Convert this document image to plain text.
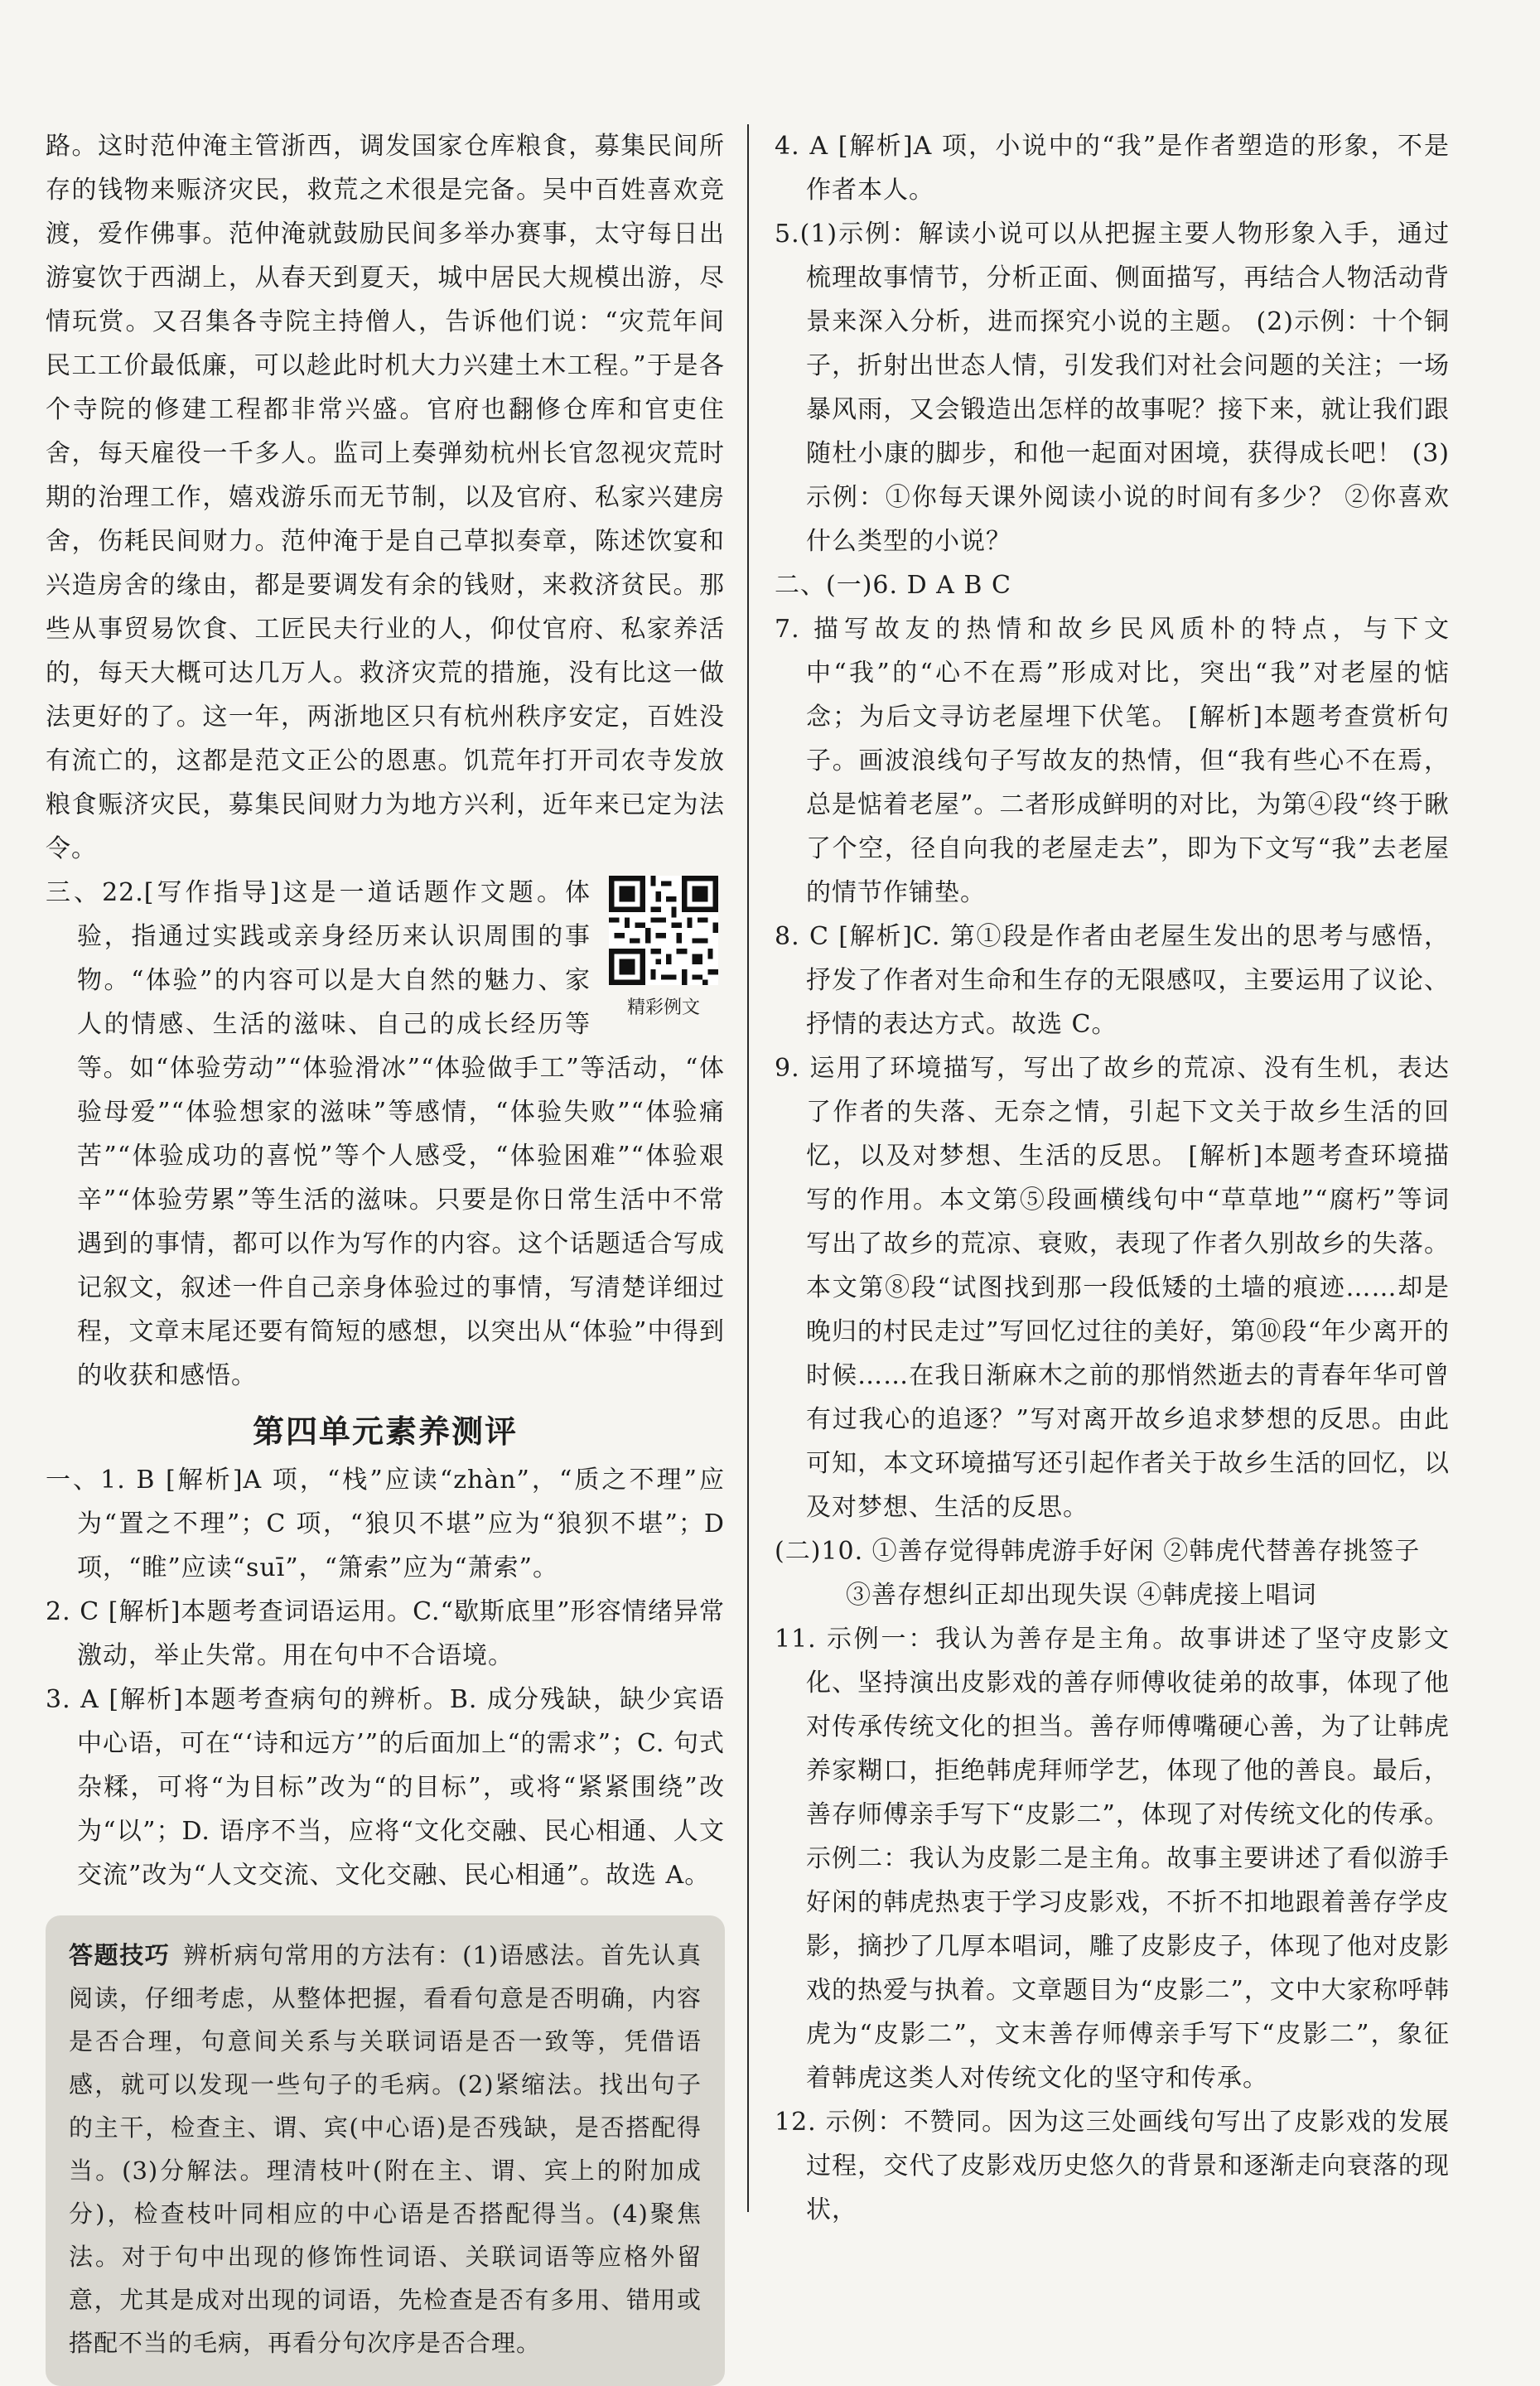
路。这时范仲淹主管浙西，调发国家仓库粮食，募集民间所存的钱物来赈济灾民，救荒之术很是完备。吴中百姓喜欢竞渡，爱作佛事。范仲淹就鼓励民间多举办赛事，太守每日出游宴饮于西湖上，从春天到夏天，城中居民大规模出游，尽情玩赏。又召集各寺院主持僧人，告诉他们说：“灾荒年间民工工价最低廉，可以趁此时机大力兴建土木工程。”于是各个寺院的修建工程都非常兴盛。官府也翻修仓库和官吏住舍，每天雇役一千多人。监司上奏弹劾杭州长官忽视灾荒时期的治理工作，嬉戏游乐而无节制，以及官府、私家兴建房舍，伤耗民间财力。范仲淹于是自己草拟奏章，陈述饮宴和兴造房舍的缘由，都是要调发有余的钱财，来救济贫民。那些从事贸易饮食、工匠民夫行业的人，仰仗官府、私家养活的，每天大概可达几万人。救济灾荒的措施，没有比这一做法更好的了。这一年，两浙地区只有杭州秩序安定，百姓没有流亡的，这都是范文正公的恩惠。饥荒年打开司农寺发放粮食赈济灾民，募集民间财力为地方兴利，近年来已定为法令。

精彩例文

三、22.[写作指导]这是一道话题作文题。体验，指通过实践或亲身经历来认识周围的事物。“体验”的内容可以是大自然的魅力、家人的情感、生活的滋味、自己的成长经历等等。如“体验劳动”“体验滑冰”“体验做手工”等活动，“体验母爱”“体验想家的滋味”等感情，“体验失败”“体验痛苦”“体验成功的喜悦”等个人感受，“体验困难”“体验艰辛”“体验劳累”等生活的滋味。只要是你日常生活中不常遇到的事情，都可以作为写作的内容。这个话题适合写成记叙文，叙述一件自己亲身体验过的事情，写清楚详细过程，文章末尾还要有简短的感想，以突出从“体验”中得到的收获和感悟。

第四单元素养测评

一、1. B [解析]A 项，“栈”应读“zhàn”，“质之不理”应为“置之不理”；C 项，“狼贝不堪”应为“狼狈不堪”；D 项，“睢”应读“suī”，“箫索”应为“萧索”。

2. C [解析]本题考查词语运用。C.“歇斯底里”形容情绪异常激动，举止失常。用在句中不合语境。

3. A [解析]本题考查病句的辨析。B. 成分残缺，缺少宾语中心语，可在“‘诗和远方’”的后面加上“的需求”；C. 句式杂糅，可将“为目标”改为“的目标”，或将“紧紧围绕”改为“以”；D. 语序不当，应将“文化交融、民心相通、人文交流”改为“人文交流、文化交融、民心相通”。故选 A。

答题技巧 辨析病句常用的方法有：(1)语感法。首先认真阅读，仔细考虑，从整体把握，看看句意是否明确，内容是否合理，句意间关系与关联词语是否一致等，凭借语感，就可以发现一些句子的毛病。(2)紧缩法。找出句子的主干，检查主、谓、宾(中心语)是否残缺，是否搭配得当。(3)分解法。理清枝叶(附在主、谓、宾上的附加成分)，检查枝叶同相应的中心语是否搭配得当。(4)聚焦法。对于句中出现的修饰性词语、关联词语等应格外留意，尤其是成对出现的词语，先检查是否有多用、错用或搭配不当的毛病，再看分句次序是否合理。

4. A [解析]A 项，小说中的“我”是作者塑造的形象，不是作者本人。

5.(1)示例：解读小说可以从把握主要人物形象入手，通过梳理故事情节，分析正面、侧面描写，再结合人物活动背景来深入分析，进而探究小说的主题。 (2)示例：十个铜子，折射出世态人情，引发我们对社会问题的关注；一场暴风雨，又会锻造出怎样的故事呢？接下来，就让我们跟随杜小康的脚步，和他一起面对困境，获得成长吧！ (3)示例：①你每天课外阅读小说的时间有多少？ ②你喜欢什么类型的小说？

二、(一)6. D A B C

7. 描写故友的热情和故乡民风质朴的特点，与下文中“我”的“心不在焉”形成对比，突出“我”对老屋的惦念；为后文寻访老屋埋下伏笔。 [解析]本题考查赏析句子。画波浪线句子写故友的热情，但“我有些心不在焉，总是惦着老屋”。二者形成鲜明的对比，为第④段“终于瞅了个空，径自向我的老屋走去”，即为下文写“我”去老屋的情节作铺垫。

8. C [解析]C. 第①段是作者由老屋生发出的思考与感悟，抒发了作者对生命和生存的无限感叹，主要运用了议论、抒情的表达方式。故选 C。

9. 运用了环境描写，写出了故乡的荒凉、没有生机，表达了作者的失落、无奈之情，引起下文关于故乡生活的回忆，以及对梦想、生活的反思。 [解析]本题考查环境描写的作用。本文第⑤段画横线句中“草草地”“腐朽”等词写出了故乡的荒凉、衰败，表现了作者久别故乡的失落。本文第⑧段“试图找到那一段低矮的土墙的痕迹……却是晚归的村民走过”写回忆过往的美好，第⑩段“年少离开的时候……在我日渐麻木之前的那悄然逝去的青春年华可曾有过我心的追逐？”写对离开故乡追求梦想的反思。由此可知，本文环境描写还引起作者关于故乡生活的回忆，以及对梦想、生活的反思。

(二)10. ①善存觉得韩虎游手好闲 ②韩虎代替善存挑签子

③善存想纠正却出现失误 ④韩虎接上唱词

11. 示例一：我认为善存是主角。故事讲述了坚守皮影文化、坚持演出皮影戏的善存师傅收徒弟的故事，体现了他对传承传统文化的担当。善存师傅嘴硬心善，为了让韩虎养家糊口，拒绝韩虎拜师学艺，体现了他的善良。最后，善存师傅亲手写下“皮影二”，体现了对传统文化的传承。 示例二：我认为皮影二是主角。故事主要讲述了看似游手好闲的韩虎热衷于学习皮影戏，不折不扣地跟着善存学皮影，摘抄了几厚本唱词，雕了皮影皮子，体现了他对皮影戏的热爱与执着。文章题目为“皮影二”，文中大家称呼韩虎为“皮影二”，文末善存师傅亲手写下“皮影二”，象征着韩虎这类人对传统文化的坚守和传承。

12. 示例：不赞同。因为这三处画线句写出了皮影戏的发展过程，交代了皮影戏历史悠久的背景和逐渐走向衰落的现状，
